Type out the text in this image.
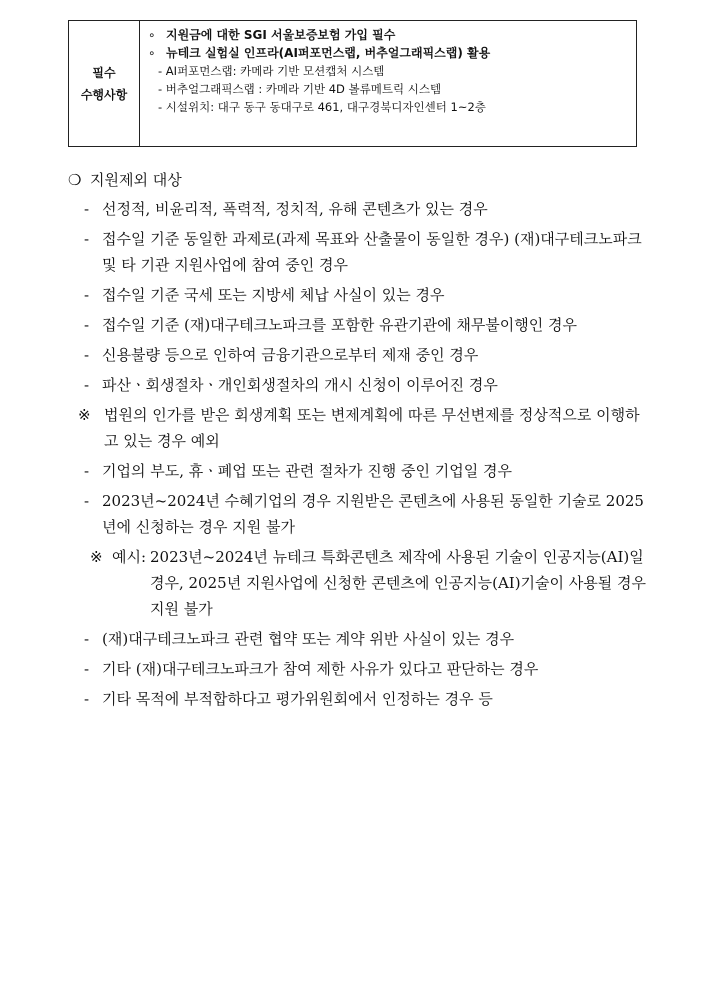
필수
수행사항
∘ 지원금에 대한 SGI 서울보증보험 가입 필수
∘ 뉴테크 실험실 인프라(AI퍼포먼스랩, 버추얼그래픽스랩) 활용
- AI퍼포먼스랩: 카메라 기반 모션캡처 시스템
- 버추얼그래픽스랩 : 카메라 기반 4D 볼류메트릭 시스템
- 시설위치: 대구 동구 동대구로 461, 대구경북디자인센터 1~2층
❍ 지원제외 대상
- 선정적, 비윤리적, 폭력적, 정치적, 유해 콘텐츠가 있는 경우
- 접수일 기준 동일한 과제로(과제 목표와 산출물이 동일한 경우) (재)대구테크노파크 및 타 기관 지원사업에 참여 중인 경우
- 접수일 기준 국세 또는 지방세 체납 사실이 있는 경우
- 접수일 기준 (재)대구테크노파크를 포함한 유관기관에 채무불이행인 경우
- 신용불량 등으로 인하여 금융기관으로부터 제재 중인 경우
- 파산ㆍ회생절차ㆍ개인회생절차의 개시 신청이 이루어진 경우
※ 법원의 인가를 받은 회생계획 또는 변제계획에 따른 무선변제를 정상적으로 이행하고 있는 경우 예외
- 기업의 부도, 휴ㆍ폐업 또는 관련 절차가 진행 중인 기업일 경우
- 2023년~2024년 수혜기업의 경우 지원받은 콘텐츠에 사용된 동일한 기술로 2025년에 신청하는 경우 지원 불가
※ 예시: 2023년~2024년 뉴테크 특화콘텐츠 제작에 사용된 기술이 인공지능(AI)일 경우, 2025년 지원사업에 신청한 콘텐츠에 인공지능(AI)기술이 사용될 경우 지원 불가
- (재)대구테크노파크 관련 협약 또는 계약 위반 사실이 있는 경우
- 기타 (재)대구테크노파크가 참여 제한 사유가 있다고 판단하는 경우
- 기타 목적에 부적합하다고 평가위원회에서 인정하는 경우 등
